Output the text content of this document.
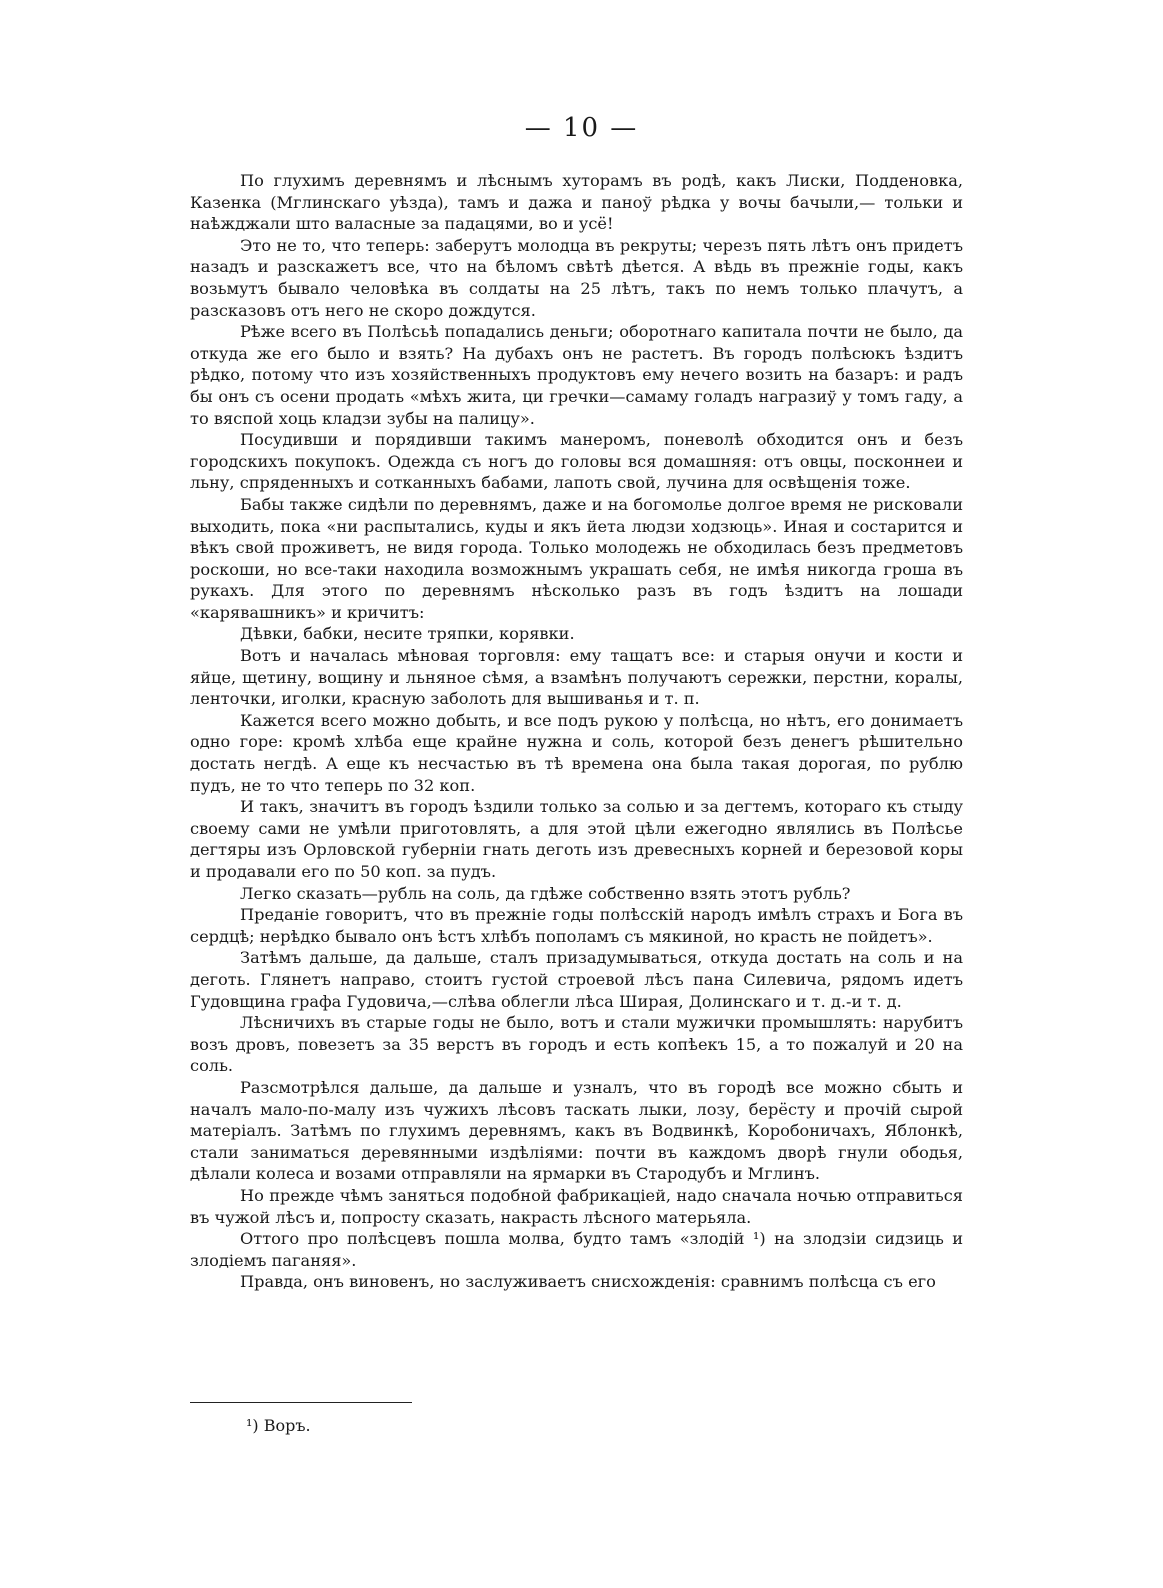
— 10 —

По глухимъ деревнямъ и лѣснымъ хуторамъ въ родѣ, какъ Лиски, Подденовка, Казенка (Мглинскаго уѣзда), тамъ и дажа и паноў рѣдка у вочы бачыли,— тольки и наѣжджали што валасные за падацями, во и усё!

Это не то, что теперь: заберутъ молодца въ рекруты; черезъ пять лѣтъ онъ придетъ назадъ и разскажетъ все, что на бѣломъ свѣтѣ дѣется. А вѣдь въ прежніе годы, какъ возьмутъ бывало человѣка въ солдаты на 25 лѣтъ, такъ по немъ только плачутъ, а разсказовъ отъ него не скоро дождутся.

Рѣже всего въ Полѣсьѣ попадались деньги; оборотнаго капитала почти не было, да откуда же его было и взять? На дубахъ онъ не растетъ. Въ городъ полѣсюкъ ѣздитъ рѣдко, потому что изъ хозяйственныхъ продуктовъ ему нечего возить на базаръ: и радъ бы онъ съ осени продать «мѣхъ жита, ци гречки—самаму голадъ награзиў у томъ гаду, а то вяспой хоць кладзи зубы на палицу».

Посудивши и порядивши такимъ манеромъ, поневолѣ обходится онъ и безъ городскихъ покупокъ. Одежда съ ногъ до головы вся домашняя: отъ овцы, посконнеи и льну, спряденныхъ и сотканныхъ бабами, лапоть свой, лучина для освѣщенія тоже.

Бабы также сидѣли по деревнямъ, даже и на богомолье долгое время не рисковали выходить, пока «ни распытались, куды и якъ йета людзи ходзюць». Иная и состарится и вѣкъ свой проживетъ, не видя города. Только молодежь не обходилась безъ предметовъ роскоши, но все-таки находила возможнымъ украшать себя, не имѣя никогда гроша въ рукахъ. Для этого по деревнямъ нѣсколько разъ въ годъ ѣздитъ на лошади «карявашникъ» и кричитъ:

Дѣвки, бабки, несите тряпки, корявки.

Вотъ и началась мѣновая торговля: ему тащатъ все: и старыя онучи и кости и яйце, щетину, вощину и льняное сѣмя, а взамѣнъ получаютъ сережки, перстни, коралы, ленточки, иголки, красную заболоть для вышиванья и т. п.

Кажется всего можно добыть, и все подъ рукою у полѣсца, но нѣтъ, его донимаетъ одно горе: кромѣ хлѣба еще крайне нужна и соль, которой безъ денегъ рѣшительно достать негдѣ. А еще къ несчастью въ тѣ времена она была такая дорогая, по рублю пудъ, не то что теперь по 32 коп.

И такъ, значитъ въ городъ ѣздили только за солью и за дегтемъ, котораго къ стыду своему сами не умѣли приготовлять, а для этой цѣли ежегодно являлись въ Полѣсье дегтяры изъ Орловской губерніи гнать деготь изъ древесныхъ корней и березовой коры и продавали его по 50 коп. за пудъ.

Легко сказать—рубль на соль, да гдѣже собственно взять этотъ рубль?

Преданіе говоритъ, что въ прежніе годы полѣсскій народъ имѣлъ страхъ и Бога въ сердцѣ; нерѣдко бывало онъ ѣстъ хлѣбъ пополамъ съ мякиной, но красть не пойдетъ».

Затѣмъ дальше, да дальше, сталъ призадумываться, откуда достать на соль и на деготь. Глянетъ направо, стоитъ густой строевой лѣсъ пана Силевича, рядомъ идетъ Гудовщина графа Гудовича,—слѣва облегли лѣса Ширая, Долинскаго и т. д.-и т. д.

Лѣсничихъ въ старые годы не было, вотъ и стали мужички промышлять: нарубитъ возъ дровъ, повезетъ за 35 верстъ въ городъ и есть копѣекъ 15, а то пожалуй и 20 на соль.

Разсмотрѣлся дальше, да дальше и узналъ, что въ городѣ все можно сбыть и началъ мало-по-малу изъ чужихъ лѣсовъ таскать лыки, лозу, берёсту и прочій сырой матеріалъ. Затѣмъ по глухимъ деревнямъ, какъ въ Водвинкѣ, Коробоничахъ, Яблонкѣ, стали заниматься деревянными издѣліями: почти въ каждомъ дворѣ гнули ободья, дѣлали колеса и возами отправляли на ярмарки въ Стародубъ и Мглинъ.

Но прежде чѣмъ заняться подобной фабрикаціей, надо сначала ночью отправиться въ чужой лѣсъ и, попросту сказать, накрасть лѣсного матерьяла.

Оттого про полѣсцевъ пошла молва, будто тамъ «злодій ¹) на злодзіи сидзиць и злодіемъ паганяя».

Правда, онъ виновенъ, но заслуживаетъ снисхожденія: сравнимъ полѣсца съ его

¹) Воръ.
